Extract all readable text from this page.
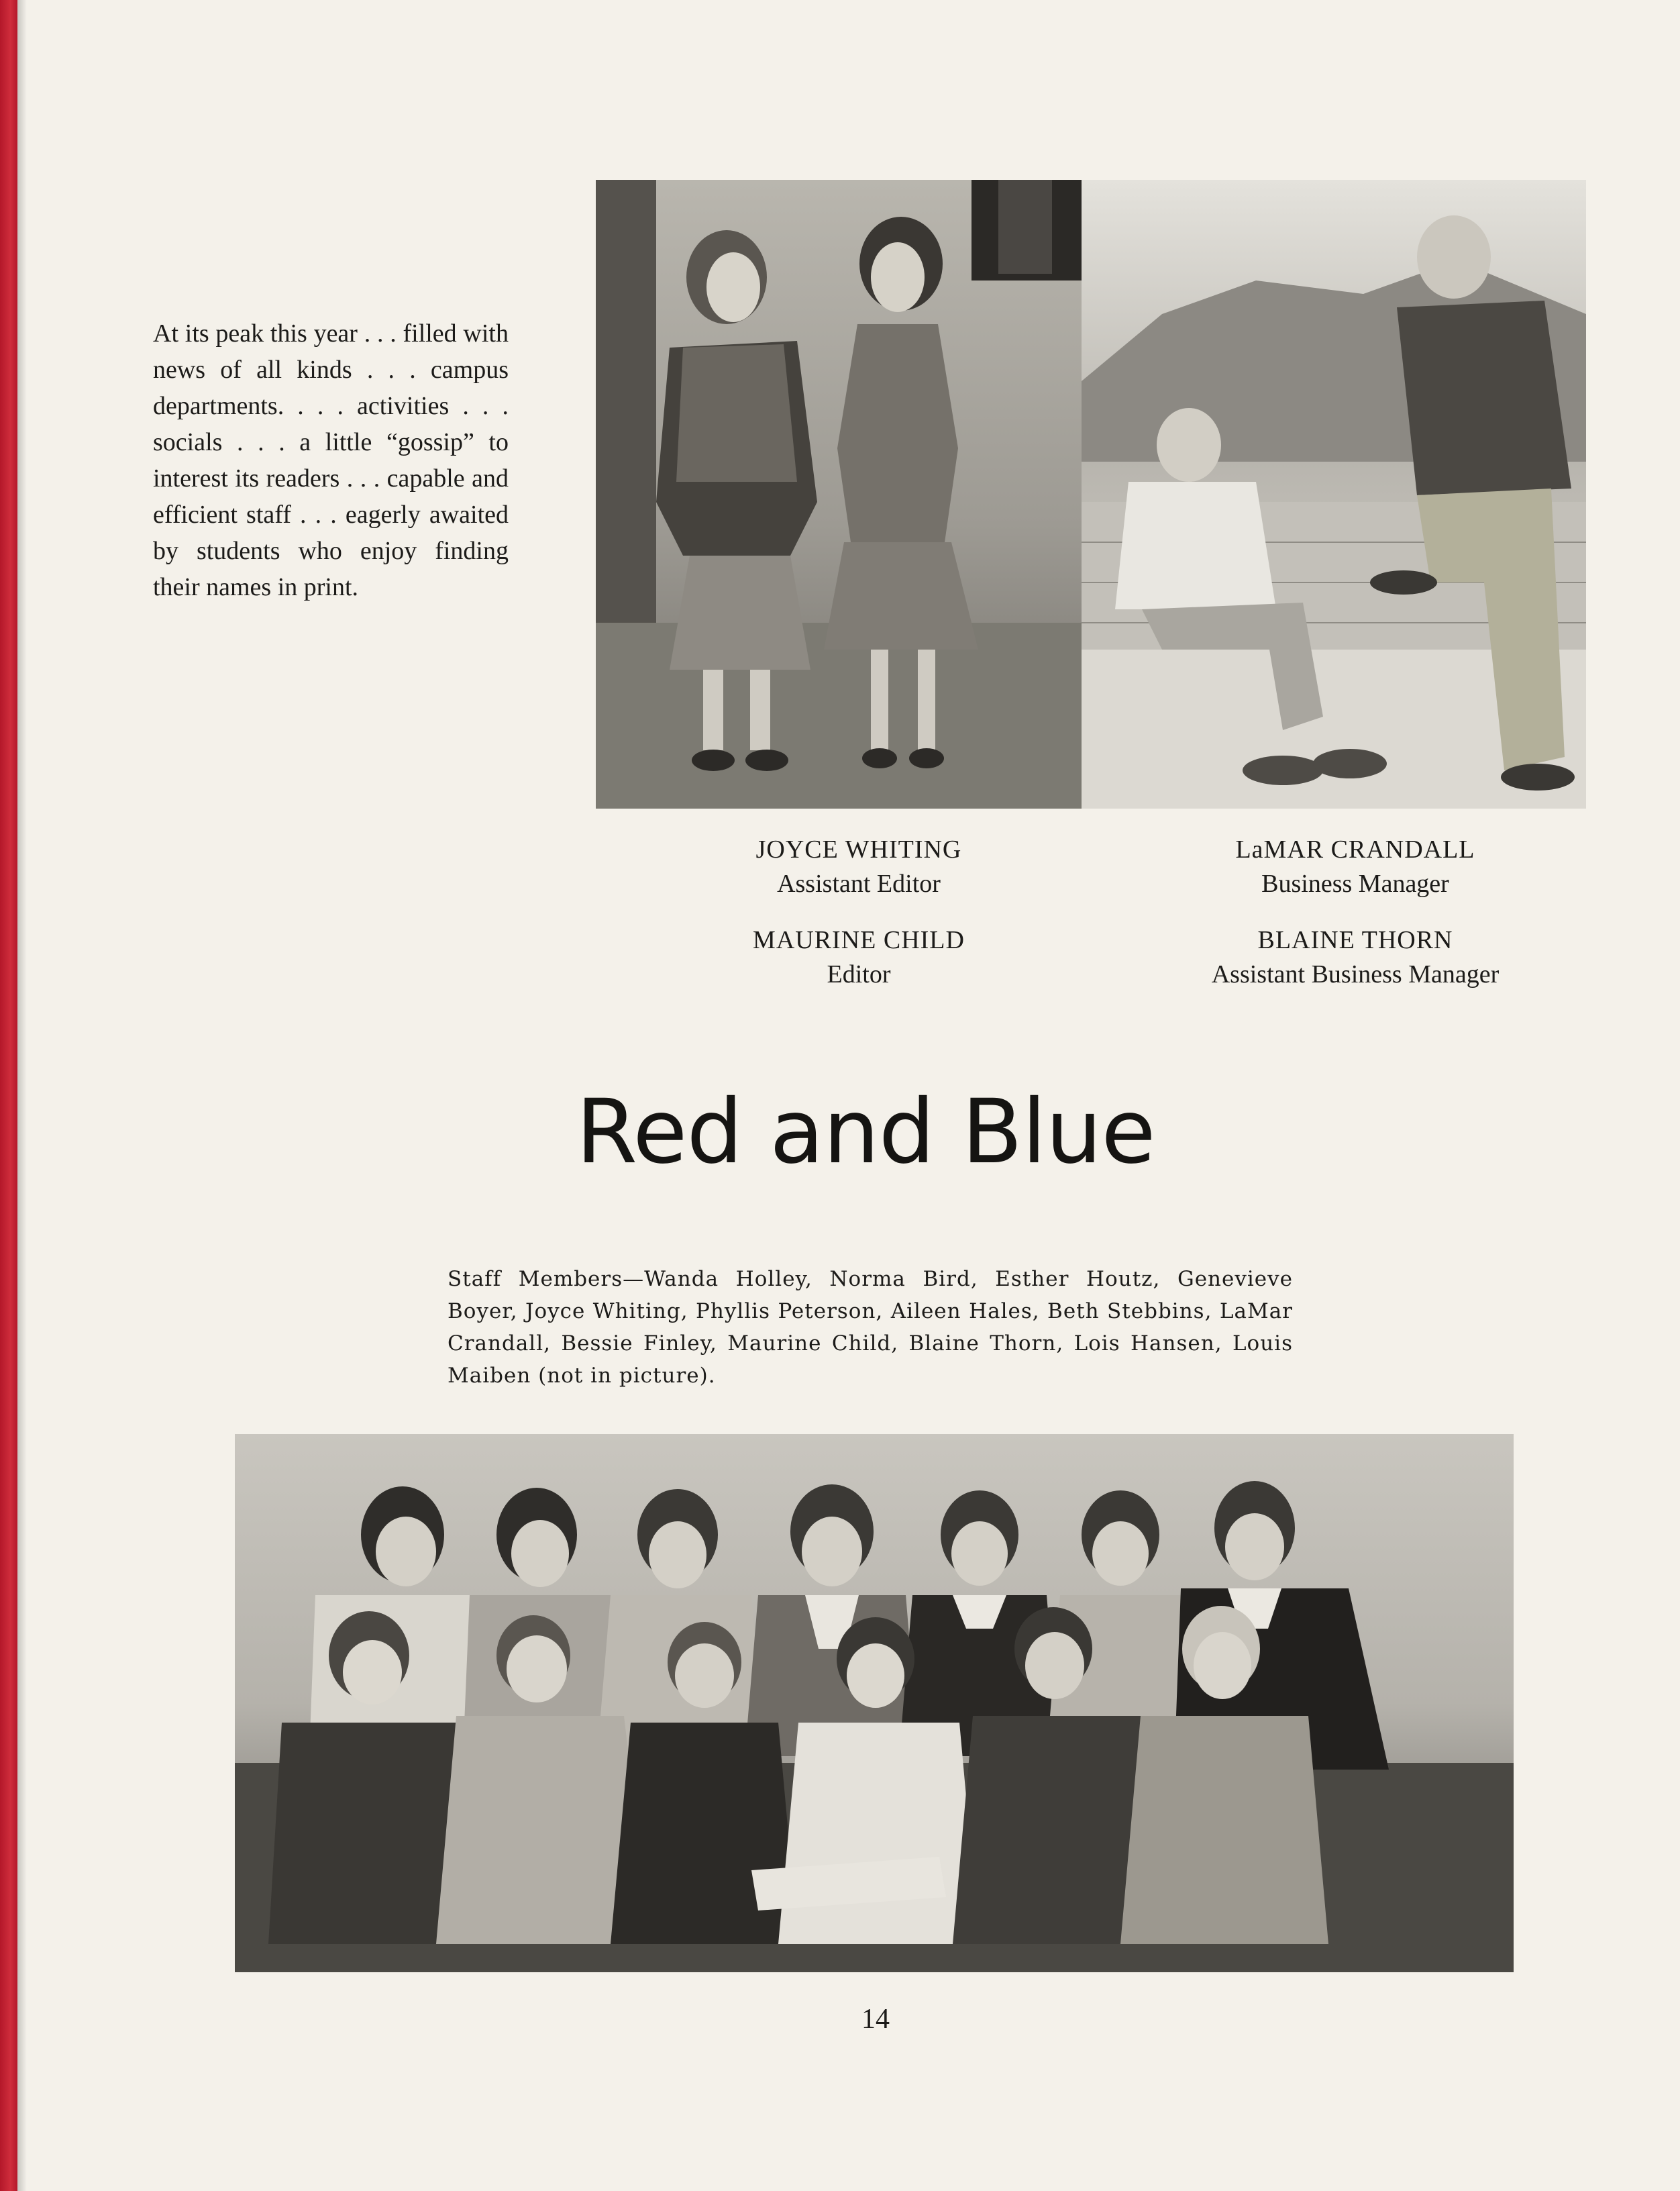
At its peak this year . . . filled with news of all kinds . . . campus departments. . . . activities . . . socials . . . a little “gossip” to interest its readers . . . capable and efficient staff . . . eagerly awaited by students who enjoy finding their names in print.

JOYCE WHITING
Assistant Editor

MAURINE CHILD
Editor

LaMAR CRANDALL
Business Manager

BLAINE THORN
Assistant Business Manager

Red and Blue

Staff Members—Wanda Holley, Norma Bird, Esther Houtz, Genevieve Boyer, Joyce Whiting, Phyllis Peterson, Aileen Hales, Beth Stebbins, LaMar Crandall, Bessie Finley, Maurine Child, Blaine Thorn, Lois Hansen, Louis Maiben (not in picture).

14
